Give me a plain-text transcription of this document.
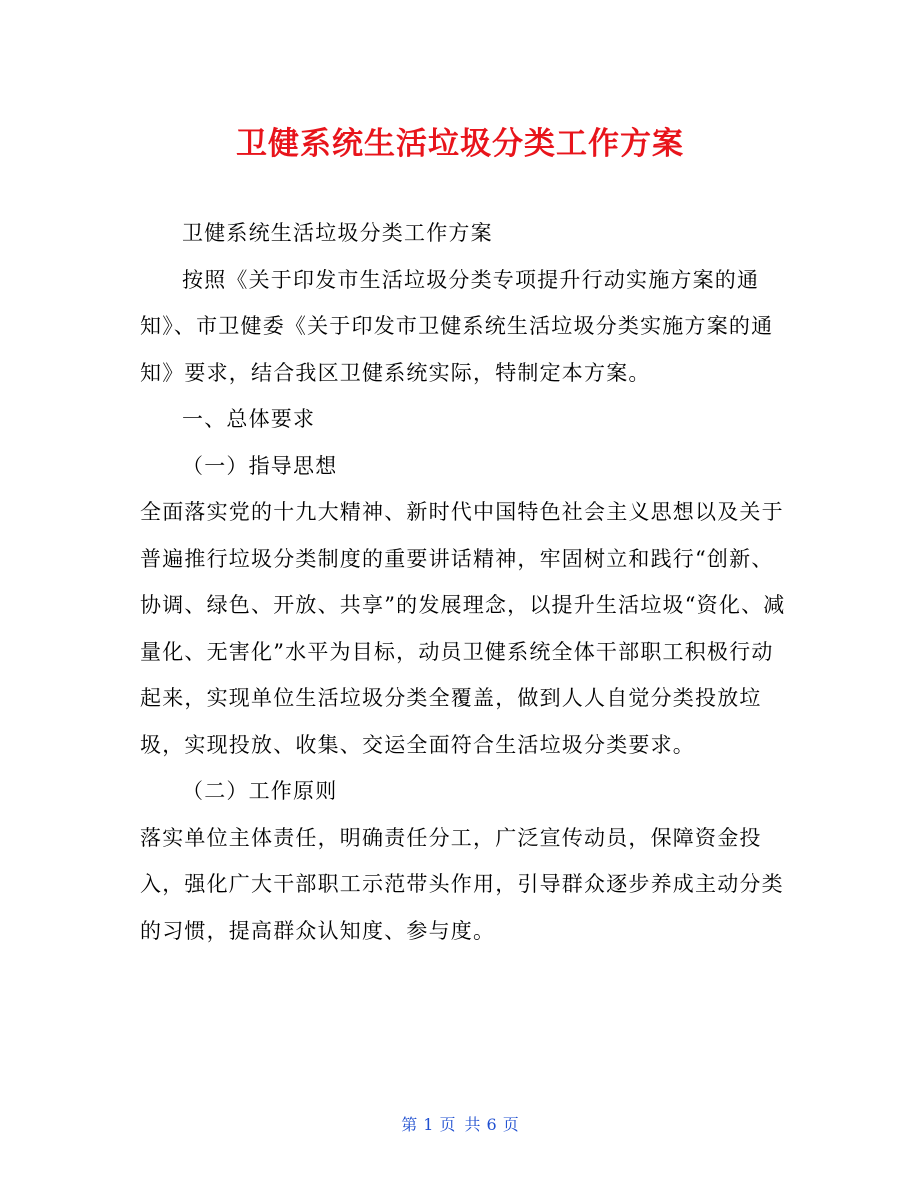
卫健系统生活垃圾分类工作方案

卫健系统生活垃圾分类工作方案

按照《关于印发市生活垃圾分类专项提升行动实施方案的通知》、市卫健委《关于印发市卫健系统生活垃圾分类实施方案的通知》要求，结合我区卫健系统实际，特制定本方案。

一、总体要求

（一）指导思想

全面落实党的十九大精神、新时代中国特色社会主义思想以及关于普遍推行垃圾分类制度的重要讲话精神，牢固树立和践行“创新、协调、绿色、开放、共享”的发展理念，以提升生活垃圾“资化、减量化、无害化”水平为目标，动员卫健系统全体干部职工积极行动起来，实现单位生活垃圾分类全覆盖，做到人人自觉分类投放垃圾，实现投放、收集、交运全面符合生活垃圾分类要求。

（二）工作原则

落实单位主体责任，明确责任分工，广泛宣传动员，保障资金投入，强化广大干部职工示范带头作用，引导群众逐步养成主动分类的习惯，提高群众认知度、参与度。

第 1 页 共 6 页
